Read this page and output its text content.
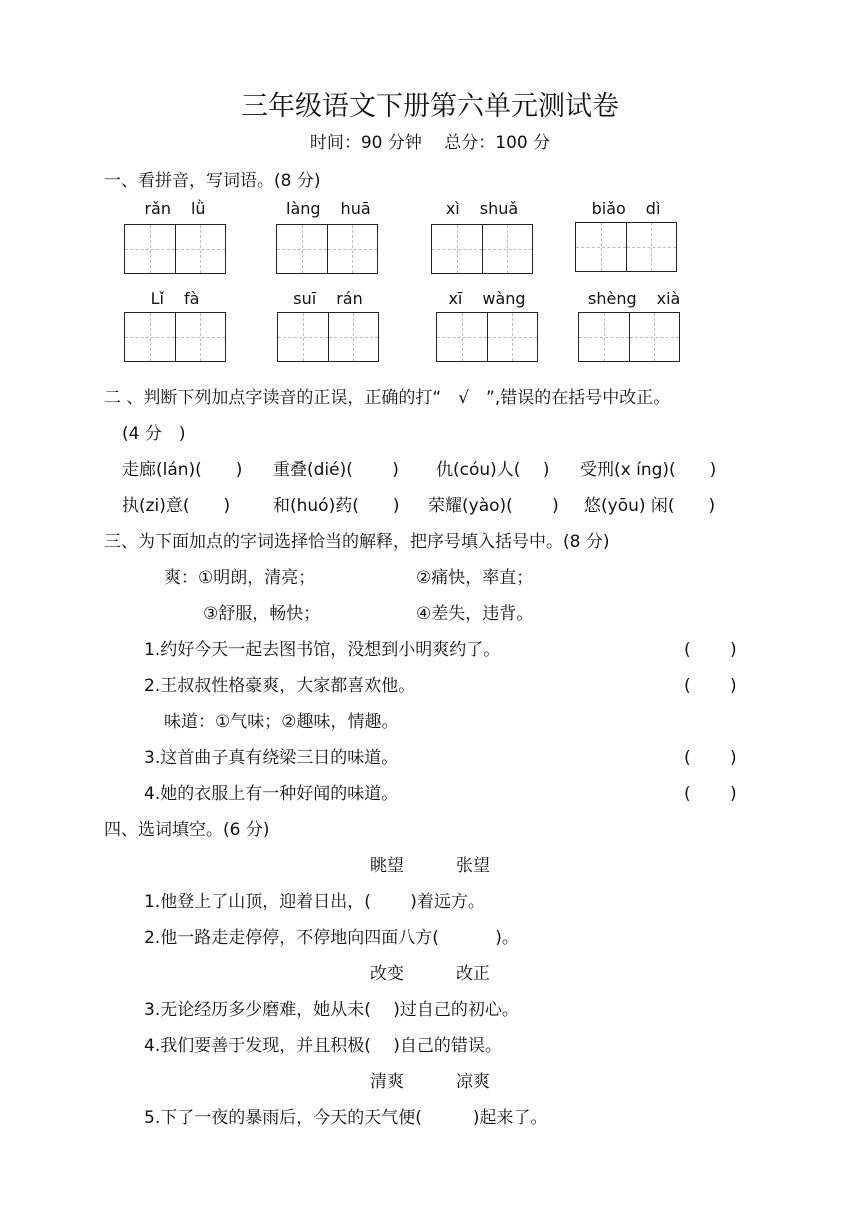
三年级语文下册第六单元测试卷
时间：90 分钟　 总分：100 分
一、看拼音，写词语。(8 分)
rǎn lǜ	làng huā	xì shuǎ	biǎo dì
Lǐ fà	suī rán	xī wàng	shèng xià
二 、判断下列加点字读音的正误，正确的打“　√　”,错误的在括号中改正。
(4 分　)
走廊(lán)(　　) 重叠(dié)(　　 ) 仇(cóu)人(　 ) 受刑(x íng)(　　)
执(zi)意(　　)	和(huó)药(　　) 荣耀(yào)(　　 ) 悠(yōu) 闲(　　)
三、为下面加点的字词选择恰当的解释，把序号填入括号中。(8 分)
爽：①明朗，清亮；	②痛快，率直；
③舒服，畅快；	④差失，违背。
1.约好今天一起去图书馆，没想到小明爽约了。	(　　 )
2.王叔叔性格豪爽，大家都喜欢他。	(　　 )
味道：①气味；②趣味，情趣。
3.这首曲子真有绕梁三日的味道。	(　　 )
4.她的衣服上有一种好闻的味道。	(　　 )
四、选词填空。(6 分)
眺望	张望
1.他登上了山顶，迎着日出，(　　 )着远方。
2.他一路走走停停，不停地向四面八方(　　　 )。
改变	改正
3.无论经历多少磨难，她从未(　 )过自己的初心。
4.我们要善于发现，并且积极(　 )自己的错误。
清爽	凉爽
5.下了一夜的暴雨后，今天的天气便(　　　)起来了。
